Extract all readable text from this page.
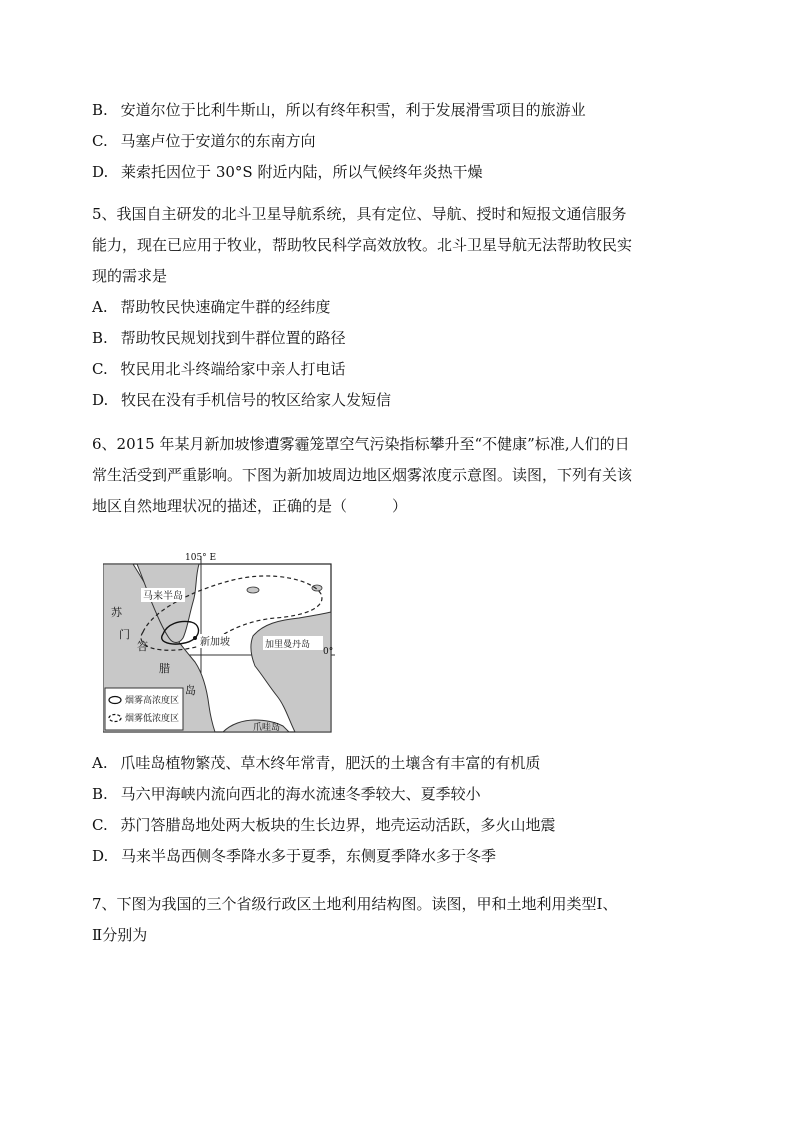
B. 安道尔位于比利牛斯山，所以有终年积雪，利于发展滑雪项目的旅游业
C. 马塞卢位于安道尔的东南方向
D. 莱索托因位于 30°S 附近内陆，所以气候终年炎热干燥
5、我国自主研发的北斗卫星导航系统，具有定位、导航、授时和短报文通信服务
能力，现在已应用于牧业，帮助牧民科学高效放牧。北斗卫星导航无法帮助牧民实
现的需求是
A. 帮助牧民快速确定牛群的经纬度
B. 帮助牧民规划找到牛群位置的路径
C. 牧民用北斗终端给家中亲人打电话
D. 牧民在没有手机信号的牧区给家人发短信
6、2015 年某月新加坡惨遭雾霾笼罩空气污染指标攀升至“不健康”标准,人们的日
常生活受到严重影响。下图为新加坡周边地区烟雾浓度示意图。读图，下列有关该
地区自然地理状况的描述，正确的是（　　　）
马来半岛
新加坡	加里曼丹岛
爪哇岛
苏
门
答
腊
岛
105° E
0°
烟雾高浓度区
烟雾低浓度区
A. 爪哇岛植物繁茂、草木终年常青，肥沃的土壤含有丰富的有机质
B. 马六甲海峡内流向西北的海水流速冬季较大、夏季较小
C. 苏门答腊岛地处两大板块的生长边界，地壳运动活跃，多火山地震
D. 马来半岛西侧冬季降水多于夏季，东侧夏季降水多于冬季
7、下图为我国的三个省级行政区土地利用结构图。读图，甲和土地利用类型Ⅰ、
Ⅱ分别为
